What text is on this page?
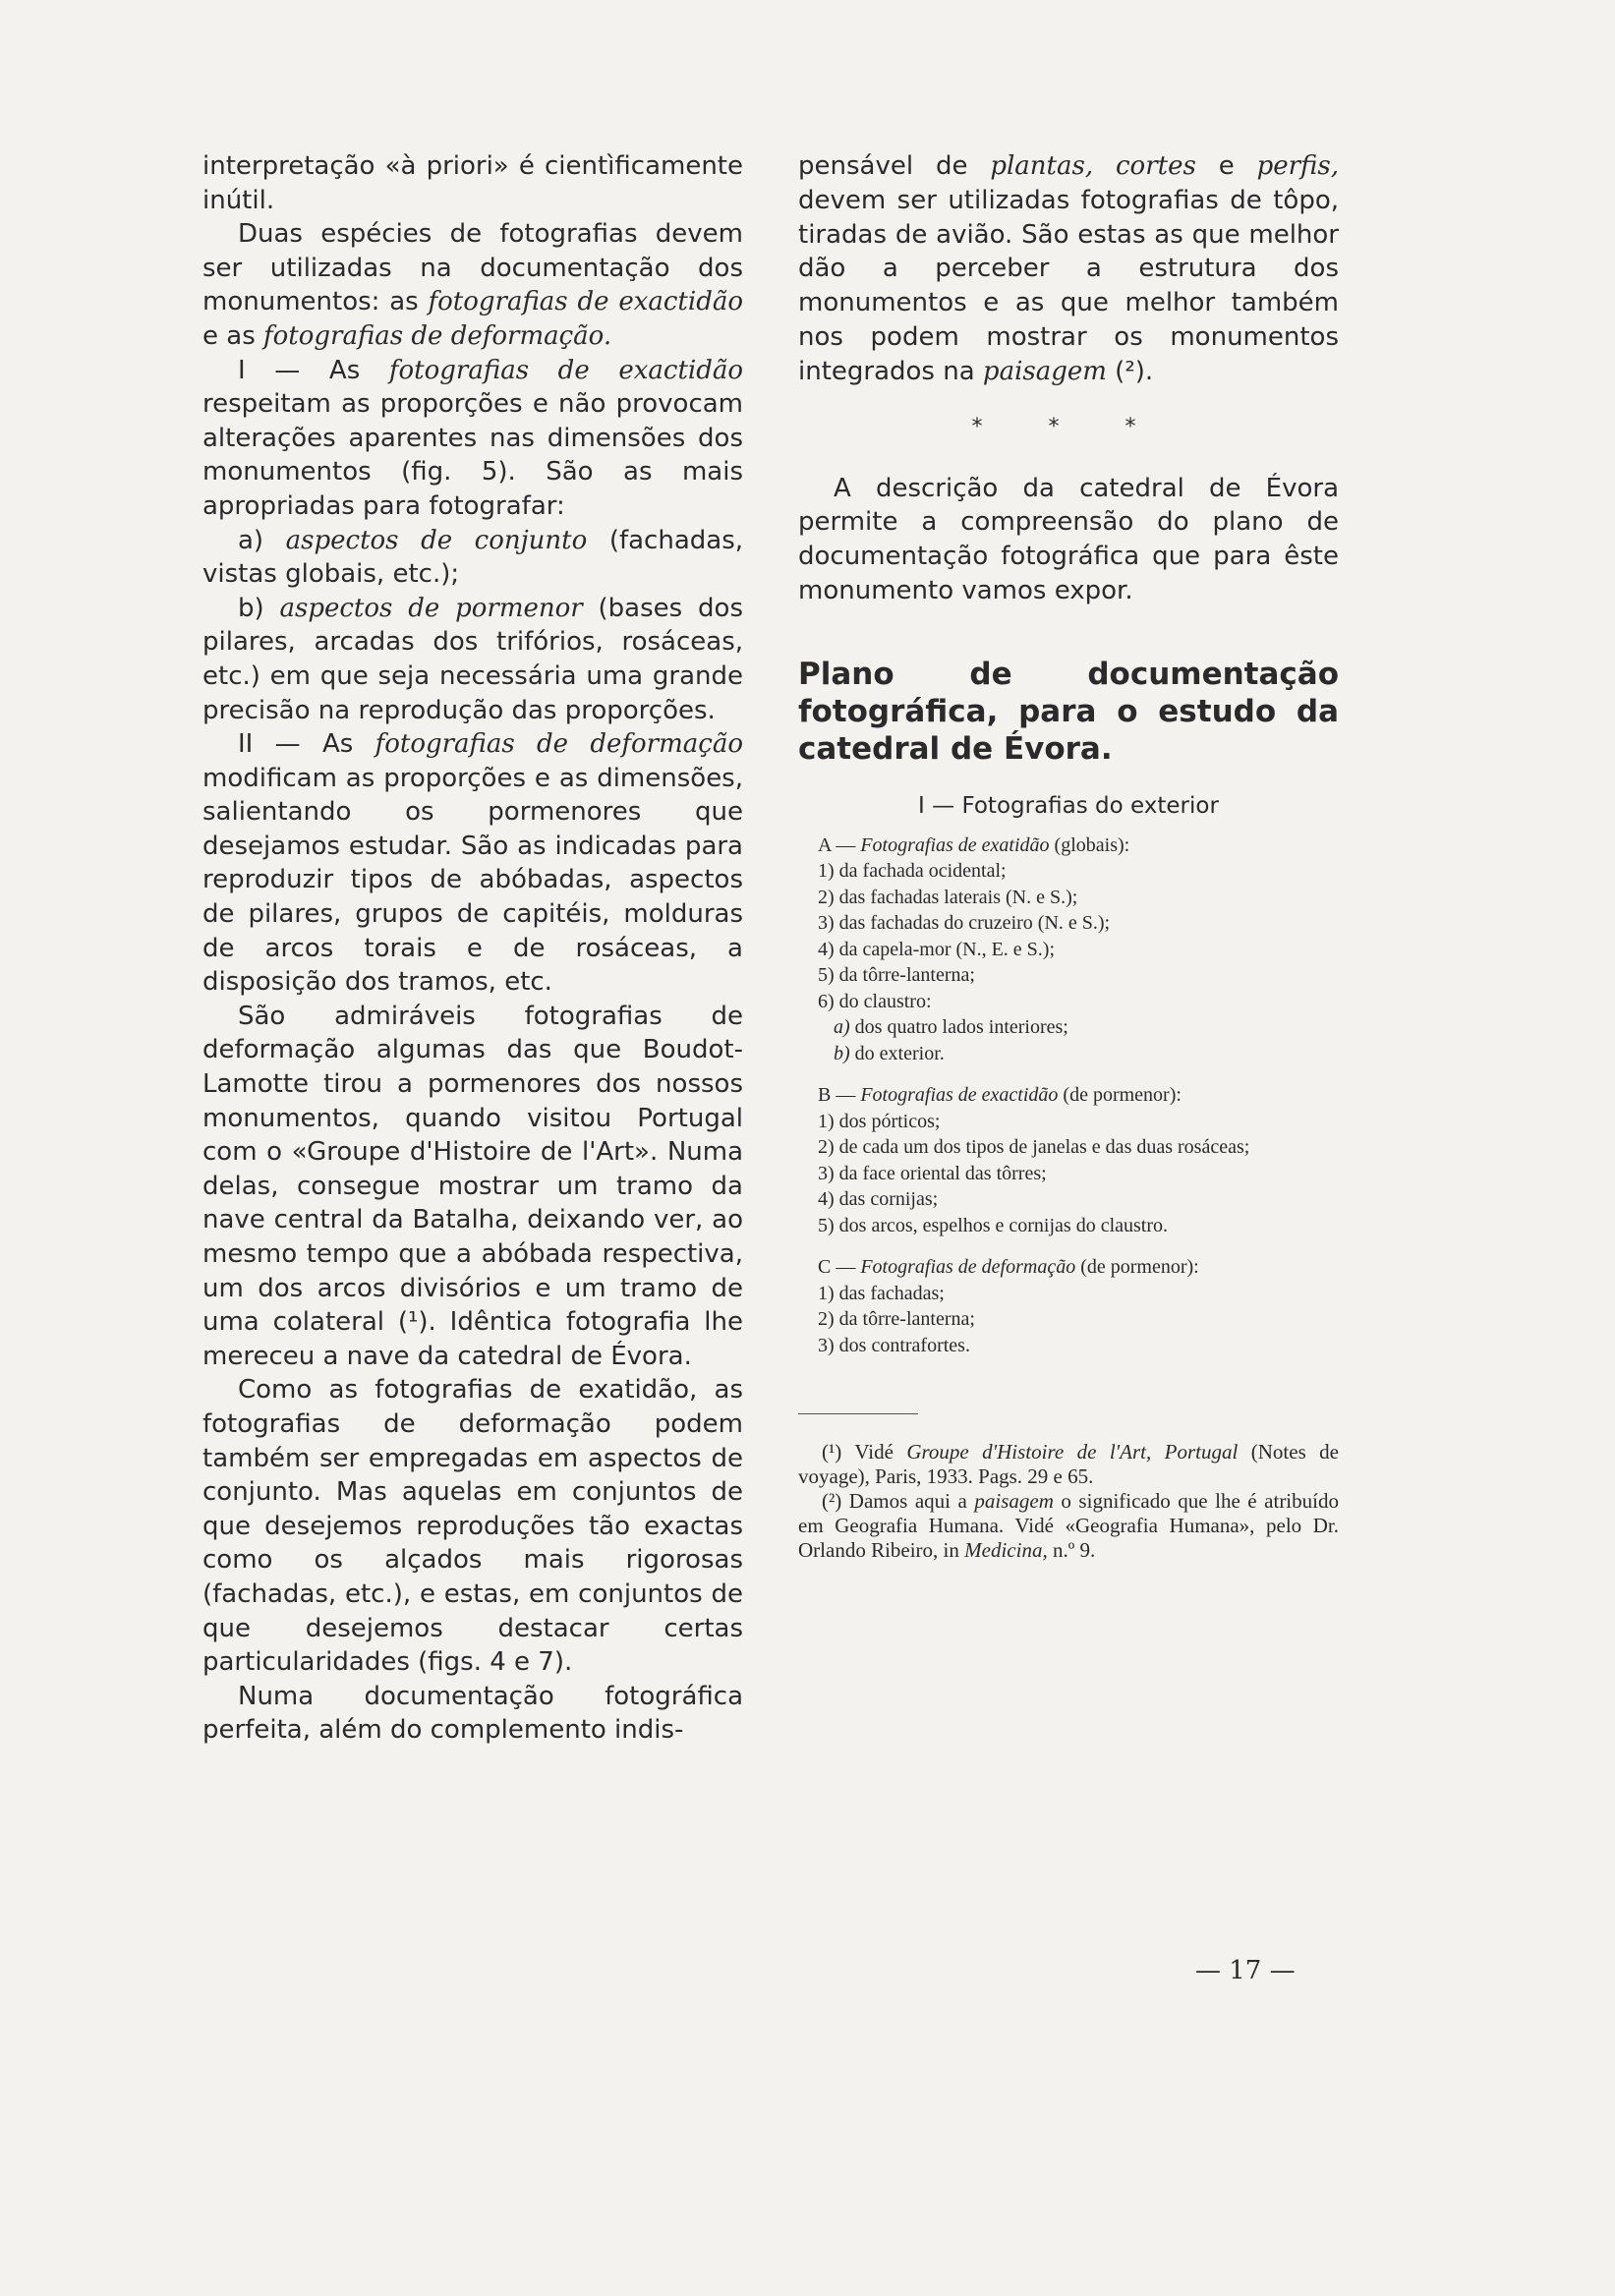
interpretação «à priori» é cientìficamente inútil.

Duas espécies de fotografias devem ser utilizadas na documentação dos monumentos: as fotografias de exactidão e as fotografias de deformação.

I — As fotografias de exactidão respeitam as proporções e não provocam alterações aparentes nas dimensões dos monumentos (fig. 5). São as mais apropriadas para fotografar:

a) aspectos de conjunto (fachadas, vistas globais, etc.);

b) aspectos de pormenor (bases dos pilares, arcadas dos trifórios, rosáceas, etc.) em que seja necessária uma grande precisão na reprodução das proporções.

II — As fotografias de deformação modificam as proporções e as dimensões, salientando os pormenores que desejamos estudar. São as indicadas para reproduzir tipos de abóbadas, aspectos de pilares, grupos de capitéis, molduras de arcos torais e de rosáceas, a disposição dos tramos, etc.

São admiráveis fotografias de deformação algumas das que Boudot-Lamotte tirou a pormenores dos nossos monumentos, quando visitou Portugal com o «Groupe d'Histoire de l'Art». Numa delas, consegue mostrar um tramo da nave central da Batalha, deixando ver, ao mesmo tempo que a abóbada respectiva, um dos arcos divisórios e um tramo de uma colateral (¹). Idêntica fotografia lhe mereceu a nave da catedral de Évora.

Como as fotografias de exatidão, as fotografias de deformação podem também ser empregadas em aspectos de conjunto. Mas aquelas em conjuntos de que desejemos reproduções tão exactas como os alçados mais rigorosas (fachadas, etc.), e estas, em conjuntos de que desejemos destacar certas particularidades (figs. 4 e 7).

Numa documentação fotográfica perfeita, além do complemento indis-

pensável de plantas, cortes e perfis, devem ser utilizadas fotografias de tôpo, tiradas de avião. São estas as que melhor dão a perceber a estrutura dos monumentos e as que melhor também nos podem mostrar os monumentos integrados na paisagem (²).

* * *

A descrição da catedral de Évora permite a compreensão do plano de documentação fotográfica que para êste monumento vamos expor.

Plano de documentação fotográfica, para o estudo da catedral de Évora.
I — Fotografias do exterior
A — Fotografias de exatidão (globais):
1) da fachada ocidental;
2) das fachadas laterais (N. e S.);
3) das fachadas do cruzeiro (N. e S.);
4) da capela-mor (N., E. e S.);
5) da tôrre-lanterna;
6) do claustro:
a) dos quatro lados interiores;
b) do exterior.
B — Fotografias de exactidão (de pormenor):
1) dos pórticos;
2) de cada um dos tipos de janelas e das duas rosáceas;
3) da face oriental das tôrres;
4) das cornijas;
5) dos arcos, espelhos e cornijas do claustro.
C — Fotografias de deformação (de pormenor):
1) das fachadas;
2) da tôrre-lanterna;
3) dos contrafortes.

(¹) Vidé Groupe d'Histoire de l'Art, Portugal (Notes de voyage), Paris, 1933. Pags. 29 e 65.

(²) Damos aqui a paisagem o significado que lhe é atribuído em Geografia Humana. Vidé «Geografia Humana», pelo Dr. Orlando Ribeiro, in Medicina, n.º 9.

— 17 —
